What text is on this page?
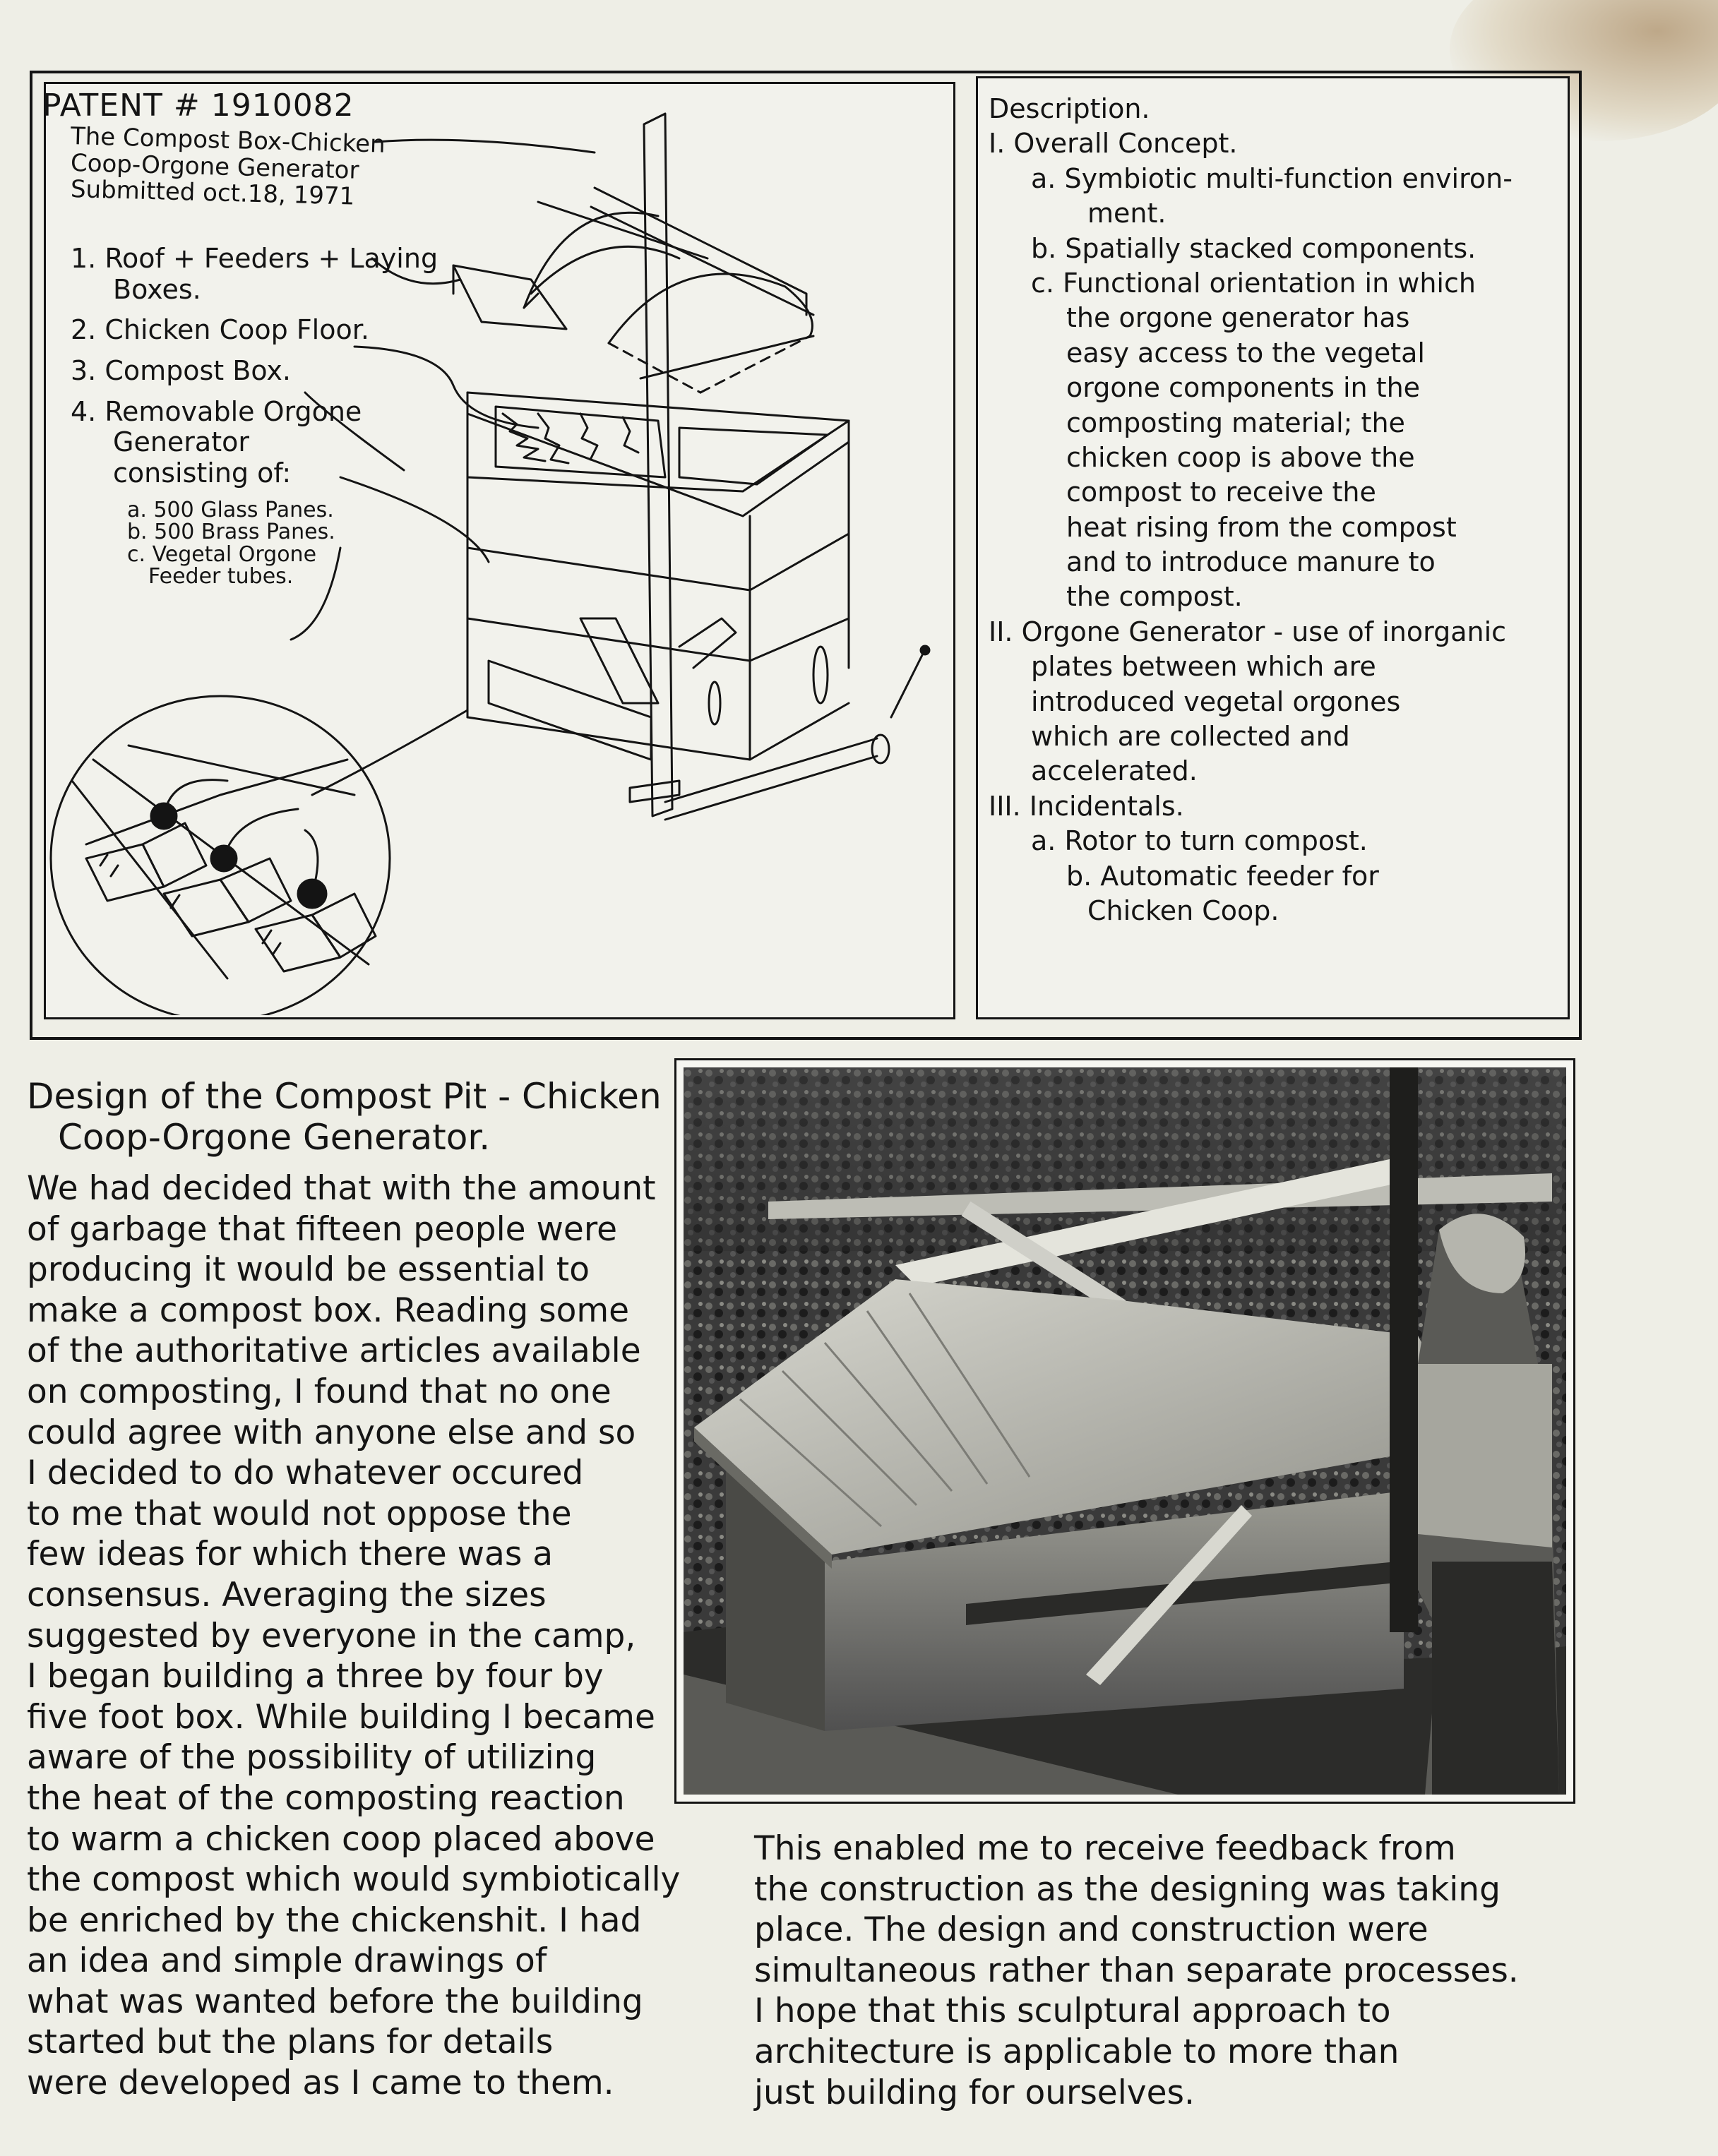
PATENT # 1910082
The Compost Box-Chicken
Coop-Orgone Generator
Submitted oct.18, 1971
1. Roof + Feeders + Laying
Boxes.
2. Chicken Coop Floor.
3. Compost Box.
4. Removable Orgone
Generator consisting of:
a. 500 Glass Panes.
b. 500 Brass Panes.
c. Vegetal Orgone
Feeder tubes.
Description.
I. Overall Concept.
a. Symbiotic multi-function environ-
ment.
b. Spatially stacked components.
c. Functional orientation in which
the orgone generator has
easy access to the vegetal
orgone components in the
composting material; the
chicken coop is above the
compost to receive the
heat rising from the compost
and to introduce manure to
the compost.
II. Orgone Generator - use of inorganic
plates between which are
introduced vegetal orgones
which are collected and
accelerated.
III. Incidentals.
a. Rotor to turn compost.
b. Automatic feeder for
Chicken Coop.
Design of the Compost Pit - Chicken
Coop-Orgone Generator.
We had decided that with the amount
of garbage that fifteen people were
producing it would be essential to
make a compost box. Reading some
of the authoritative articles available
on composting, I found that no one
could agree with anyone else and so
I decided to do whatever occured
to me that would not oppose the
few ideas for which there was a
consensus. Averaging the sizes
suggested by everyone in the camp,
I began building a three by four by
five foot box. While building I became
aware of the possibility of utilizing
the heat of the composting reaction
to warm a chicken coop placed above
the compost which would symbiotically
be enriched by the chickenshit. I had
an idea and simple drawings of
what was wanted before the building
started but the plans for details
were developed as I came to them.
This enabled me to receive feedback from
the construction as the designing was taking
place. The design and construction were
simultaneous rather than separate processes.
I hope that this sculptural approach to
architecture is applicable to more than
just building for ourselves.
